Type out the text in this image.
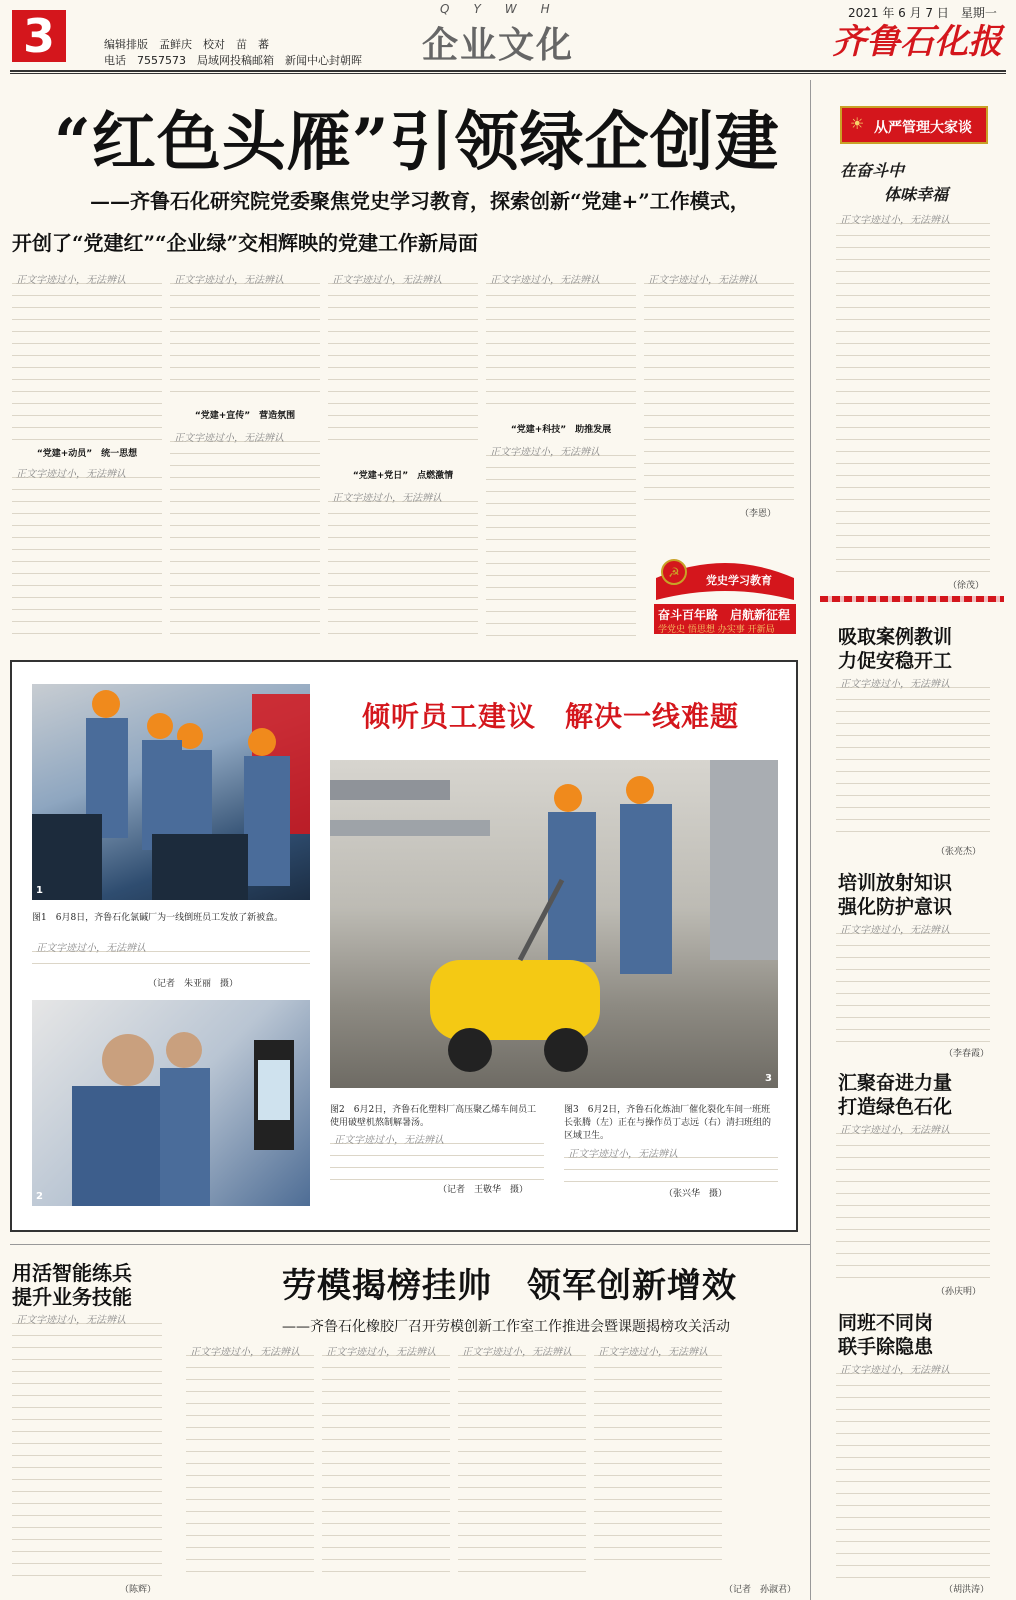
3	编辑排版　孟鲜庆　校对　苗　蕃
电话　7557573　局域网投稿邮箱　新闻中心封朝晖
QYWH
企业文化
2021 年 6 月 7 日　星期一
齐鲁石化报
“红色头雁”引领绿企创建
——齐鲁石化研究院党委聚焦党史学习教育，探索创新“党建+”工作模式，
开创了“党建红”“企业绿”交相辉映的党建工作新局面
正文字迹过小，无法辨认
“党建+动员”　统一思想
正文字迹过小，无法辨认
正文字迹过小，无法辨认
“党建+宣传”　营造氛围
正文字迹过小，无法辨认
正文字迹过小，无法辨认
“党建+党日”　点燃激情
正文字迹过小，无法辨认
正文字迹过小，无法辨认
“党建+科技”　助推发展
正文字迹过小，无法辨认
正文字迹过小，无法辨认
（李恩）
☭ 党史学习教育
奋斗百年路　启航新征程
学党史 悟思想 办实事 开新局
☀ 从严管理大家谈
在奋斗中
体味幸福
正文字迹过小，无法辨认
（徐茂）
吸取案例教训
力促安稳开工
正文字迹过小，无法辨认
（张亮杰）
培训放射知识
强化防护意识
正文字迹过小，无法辨认
（李春霞）
汇聚奋进力量
打造绿色石化
正文字迹过小，无法辨认
（孙庆明）
同班不同岗
联手除隐患
正文字迹过小，无法辨认
（胡洪涛）
倾听员工建议　解决一线难题
1
图1　6月8日，齐鲁石化氯碱厂为一线倒班员工发放了新被盒。
正文字迹过小，无法辨认
（记者　朱亚丽　摄）
2
3
图2　6月2日，齐鲁石化塑料厂高压聚乙烯车间员工使用破壁机熬制解暑汤。
正文字迹过小，无法辨认
（记者　王敬华　摄）
图3　6月2日，齐鲁石化炼油厂催化裂化车间一班班长张腾（左）正在与操作员丁志远（右）清扫班组的区域卫生。
正文字迹过小，无法辨认
（张兴华　摄）
用活智能练兵
提升业务技能
正文字迹过小，无法辨认
（陈辉）
劳模揭榜挂帅　领军创新增效
——齐鲁石化橡胶厂召开劳模创新工作室工作推进会暨课题揭榜攻关活动
正文字迹过小，无法辨认	正文字迹过小，无法辨认	正文字迹过小，无法辨认	正文字迹过小，无法辨认
（记者　孙淑君）
